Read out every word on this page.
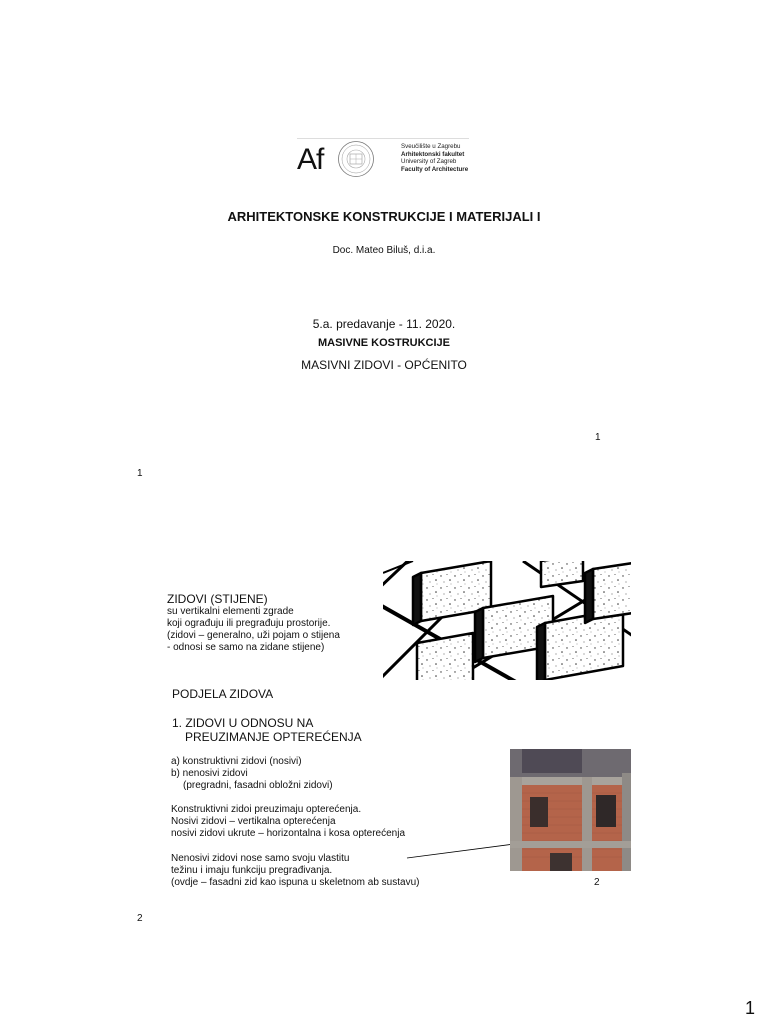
Af	Sveučilište u Zagrebu
Arhitektonski fakultet
University of Zagreb
Faculty of Architecture
ARHITEKTONSKE KONSTRUKCIJE I MATERIJALI I
Doc. Mateo Biluš, d.i.a.
5.a. predavanje - 11. 2020.
MASIVNE KOSTRUKCIJE
MASIVNI ZIDOVI - OPĆENITO
1
1
ZIDOVI (STIJENE)
su vertikalni elementi zgrade
koji ograđuju ili pregrađuju prostorije.
(zidovi – generalno, uži pojam o stijena
- odnosi se samo na zidane stijene)
PODJELA ZIDOVA
1. ZIDOVI U ODNOSU NA
PREUZIMANJE OPTEREĆENJA
a) konstruktivni zidovi (nosivi)
b) nenosivi zidovi
(pregradni, fasadni obložni zidovi)
Konstruktivni zidoi preuzimaju opterećenja.
Nosivi zidovi – vertikalna opterećenja
nosivi zidovi ukrute – horizontalna i kosa opterećenja
Nenosivi zidovi nose samo svoju vlastitu
težinu i imaju funkciju pregrađivanja.
(ovdje – fasadni zid kao ispuna u skeletnom ab sustavu)	2
2
1
